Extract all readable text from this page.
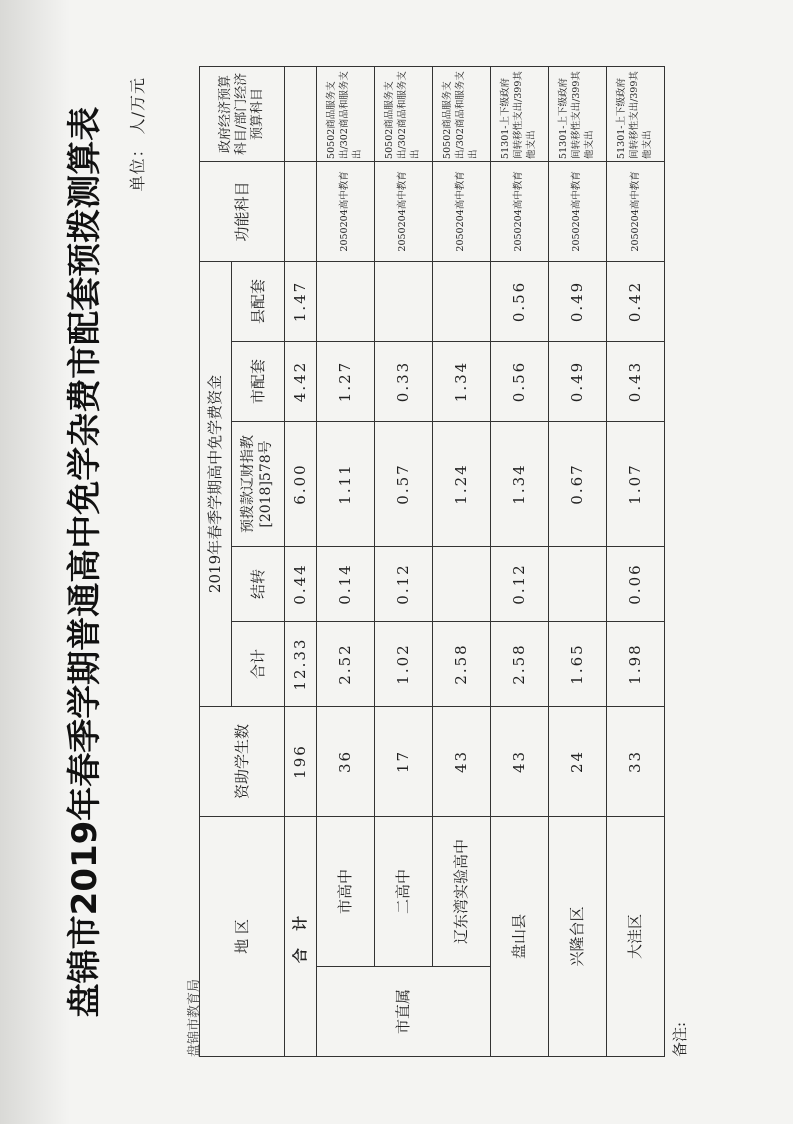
盘锦市2019年春季学期普通高中免学杂费市配套预拨测算表 单位： 人/万元
盘锦市教育局
地 区		资助学生数	2019年春季学期高中免学费资金					功能科目	政府经济预算科目/部门经济预算科目
			合计	结转	预拨款辽财指教[2018]578号	市配套	县配套		
合 计		196	12.33	0.44	6.00	4.42	1.47		
市直属	市高中	36	2.52	0.14	1.11	1.27		2050204高中教育	50502商品服务支出/302商品和服务支出
	二高中	17	1.02	0.12	0.57	0.33		2050204高中教育	50502商品服务支出/302商品和服务支出
	辽东湾实验高中	43	2.58		1.24	1.34		2050204高中教育	50502商品服务支出/302商品和服务支出
盘山县		43	2.58	0.12	1.34	0.56	0.56	2050204高中教育	51301-上下级政府间转移性支出/399其他支出
兴隆台区		24	1.65		0.67	0.49	0.49	2050204高中教育	51301-上下级政府间转移性支出/399其他支出
大洼区		33	1.98	0.06	1.07	0.43	0.42	2050204高中教育	51301-上下级政府间转移性支出/399其他支出
备注:
